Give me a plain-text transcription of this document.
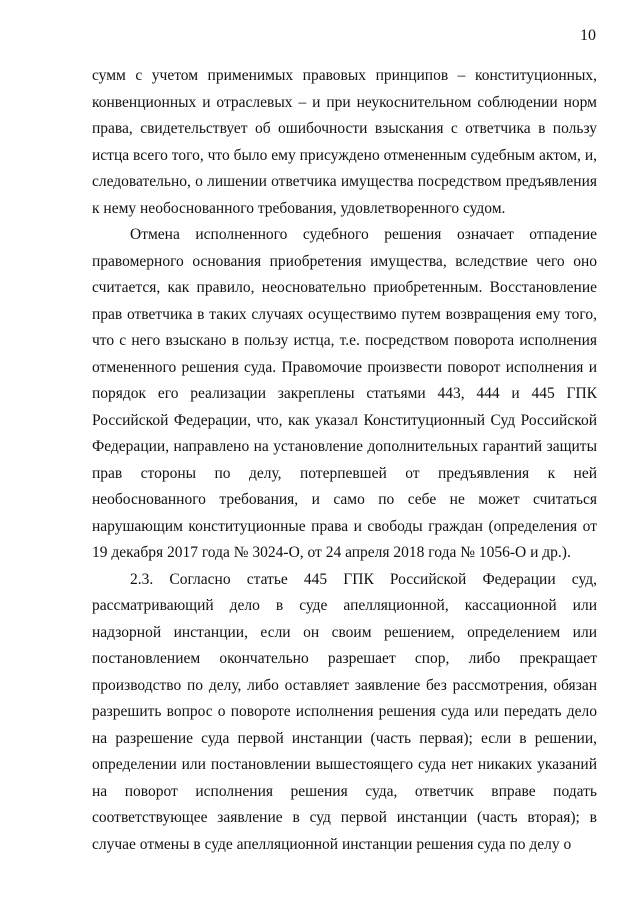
10

сумм с учетом применимых правовых принципов – конституционных, конвенционных и отраслевых – и при неукоснительном соблюдении норм права, свидетельствует об ошибочности взыскания с ответчика в пользу истца всего того, что было ему присуждено отмененным судебным актом, и, следовательно, о лишении ответчика имущества посредством предъявления к нему необоснованного требования, удовлетворенного судом.

Отмена исполненного судебного решения означает отпадение правомерного основания приобретения имущества, вследствие чего оно считается, как правило, неосновательно приобретенным. Восстановление прав ответчика в таких случаях осуществимо путем возвращения ему того, что с него взыскано в пользу истца, т.е. посредством поворота исполнения отмененного решения суда. Правомочие произвести поворот исполнения и порядок его реализации закреплены статьями 443, 444 и 445 ГПК Российской Федерации, что, как указал Конституционный Суд Российской Федерации, направлено на установление дополнительных гарантий защиты прав стороны по делу, потерпевшей от предъявления к ней необоснованного требования, и само по себе не может считаться нарушающим конституционные права и свободы граждан (определения от 19 декабря 2017 года № 3024-О, от 24 апреля 2018 года № 1056-О и др.).

2.3. Согласно статье 445 ГПК Российской Федерации суд, рассматривающий дело в суде апелляционной, кассационной или надзорной инстанции, если он своим решением, определением или постановлением окончательно разрешает спор, либо прекращает производство по делу, либо оставляет заявление без рассмотрения, обязан разрешить вопрос о повороте исполнения решения суда или передать дело на разрешение суда первой инстанции (часть первая); если в решении, определении или постановлении вышестоящего суда нет никаких указаний на поворот исполнения решения суда, ответчик вправе подать соответствующее заявление в суд первой инстанции (часть вторая); в случае отмены в суде апелляционной инстанции решения суда по делу о
